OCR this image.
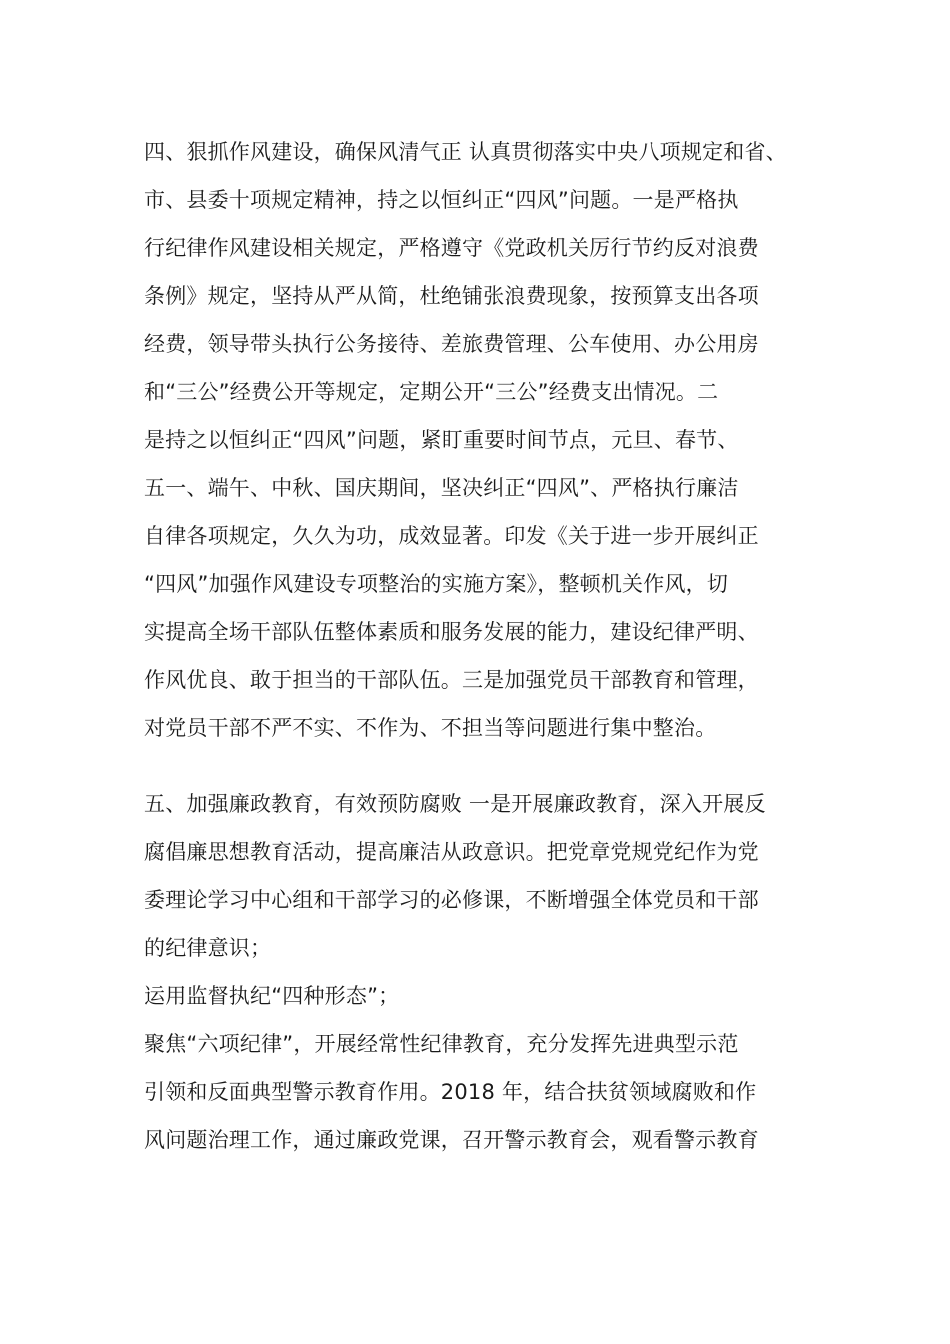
四、狠抓作风建设，确保风清气正 认真贯彻落实中央八项规定和省、
市、县委十项规定精神，持之以恒纠正“四风”问题。一是严格执
行纪律作风建设相关规定，严格遵守《党政机关厉行节约反对浪费
条例》规定，坚持从严从简，杜绝铺张浪费现象，按预算支出各项
经费，领导带头执行公务接待、差旅费管理、公车使用、办公用房
和“三公”经费公开等规定，定期公开“三公”经费支出情况。二
是持之以恒纠正“四风”问题，紧盯重要时间节点，元旦、春节、
五一、端午、中秋、国庆期间，坚决纠正“四风”、严格执行廉洁
自律各项规定，久久为功，成效显著。印发《关于进一步开展纠正
“四风”加强作风建设专项整治的实施方案》，整顿机关作风，切
实提高全场干部队伍整体素质和服务发展的能力，建设纪律严明、
作风优良、敢于担当的干部队伍。三是加强党员干部教育和管理，
对党员干部不严不实、不作为、不担当等问题进行集中整治。
五、加强廉政教育，有效预防腐败 一是开展廉政教育，深入开展反
腐倡廉思想教育活动，提高廉洁从政意识。把党章党规党纪作为党
委理论学习中心组和干部学习的必修课，不断增强全体党员和干部
的纪律意识；
运用监督执纪“四种形态”；
聚焦“六项纪律”，开展经常性纪律教育，充分发挥先进典型示范
引领和反面典型警示教育作用。2018 年，结合扶贫领域腐败和作
风问题治理工作，通过廉政党课，召开警示教育会，观看警示教育
